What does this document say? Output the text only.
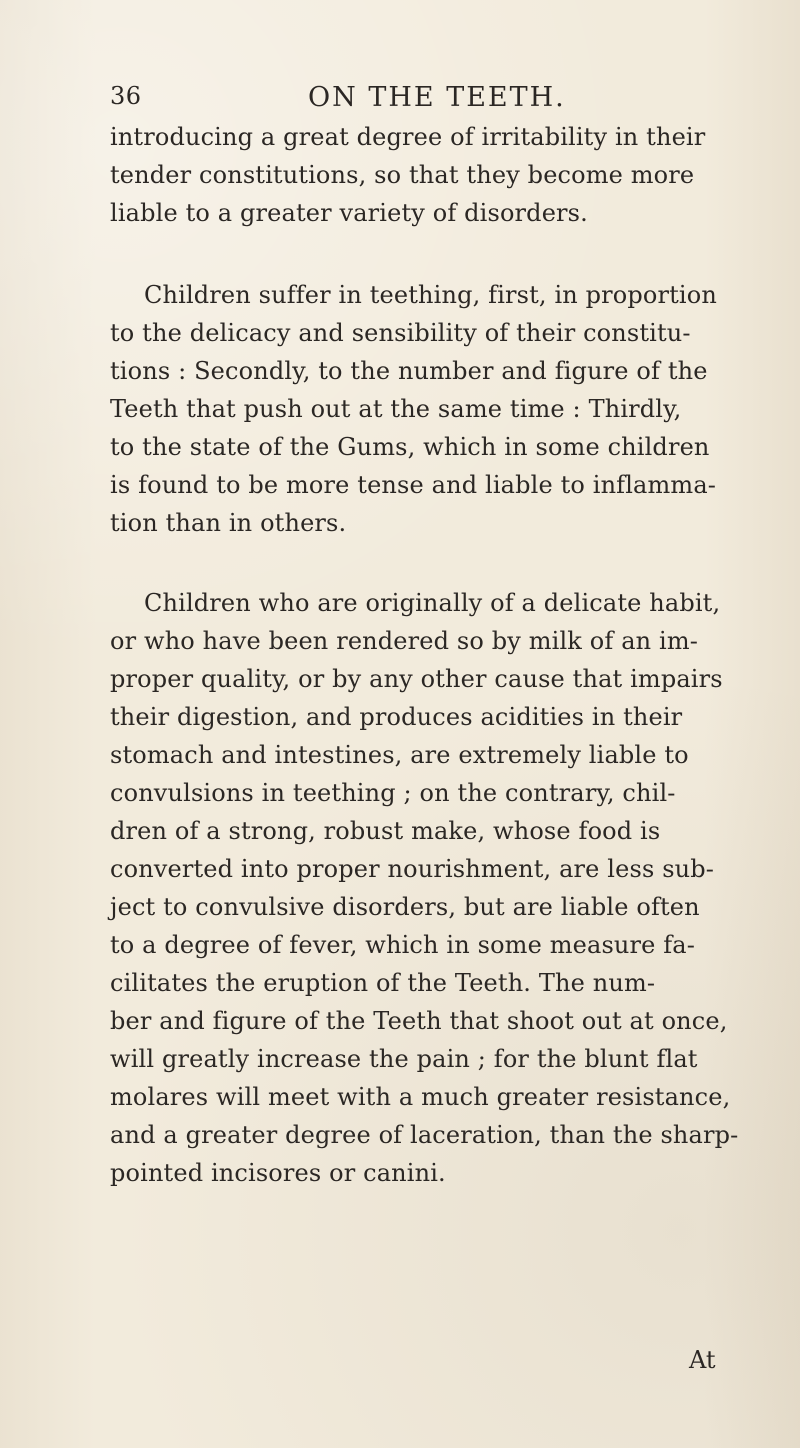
36	ON THE TEETH.
introducing a great degree of irritability in their
tender constitutions, so that they become more
liable to a greater variety of disorders.
Children suffer in teething, first, in proportion
to the delicacy and sensibility of their constitu-
tions : Secondly, to the number and figure of the
Teeth that push out at the same time : Thirdly,
to the state of the Gums, which in some children
is found to be more tense and liable to inflamma-
tion than in others.
Children who are originally of a delicate habit,
or who have been rendered so by milk of an im-
proper quality, or by any other cause that impairs
their digestion, and produces acidities in their
stomach and intestines, are extremely liable to
convulsions in teething ; on the contrary, chil-
dren of a strong, robust make, whose food is
converted into proper nourishment, are less sub-
ject to convulsive disorders, but are liable often
to a degree of fever, which in some measure fa-
cilitates the eruption of the Teeth. The num-
ber and figure of the Teeth that shoot out at once,
will greatly increase the pain ; for the blunt flat
molares will meet with a much greater resistance,
and a greater degree of laceration, than the sharp-
pointed incisores or canini.
At
